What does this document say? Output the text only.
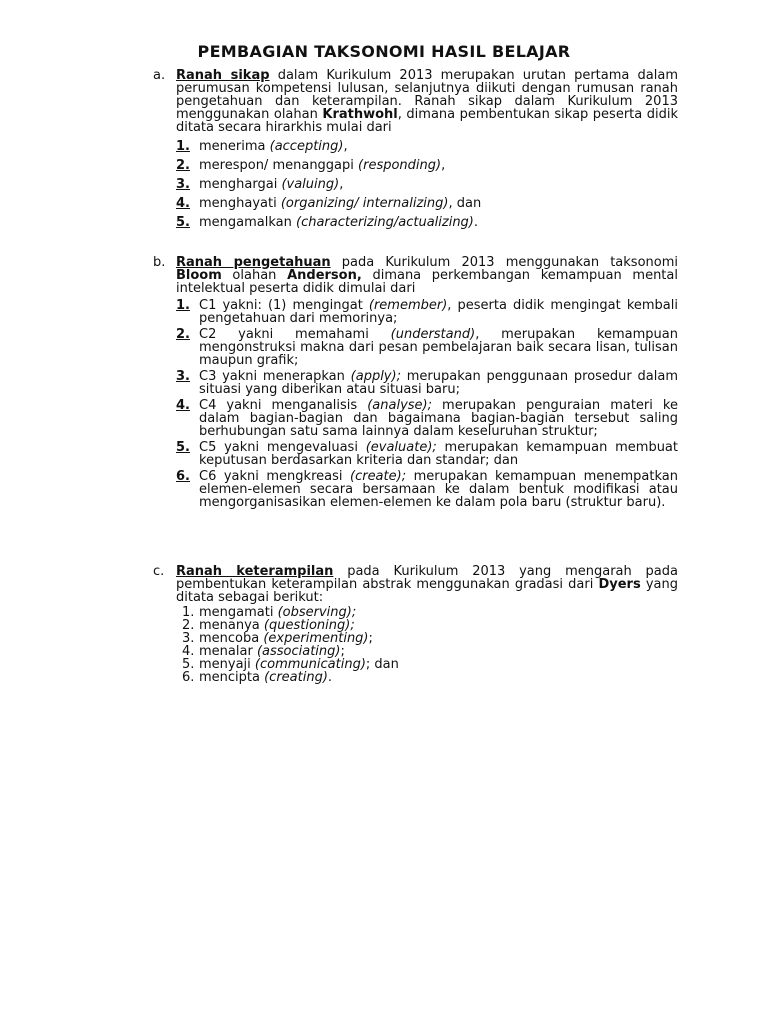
PEMBAGIAN TAKSONOMI HASIL BELAJAR
a. Ranah sikap dalam Kurikulum 2013 merupakan urutan pertama dalam perumusan kompetensi lulusan, selanjutnya diikuti dengan rumusan ranah pengetahuan dan keterampilan. Ranah sikap dalam Kurikulum 2013 menggunakan olahan Krathwohl, dimana pembentukan sikap peserta didik ditata secara hirarkhis mulai dari
1. menerima (accepting),
2. merespon/ menanggapi (responding),
3. menghargai (valuing),
4. menghayati (organizing/ internalizing), dan
5. mengamalkan (characterizing/actualizing).
b. Ranah pengetahuan pada Kurikulum 2013 menggunakan taksonomi Bloom olahan Anderson, dimana perkembangan kemampuan mental intelektual peserta didik dimulai dari
1. C1 yakni: (1) mengingat (remember), peserta didik mengingat kembali pengetahuan dari memorinya;
2. C2 yakni memahami (understand), merupakan kemampuan mengonstruksi makna dari pesan pembelajaran baik secara lisan, tulisan maupun grafik;
3. C3 yakni menerapkan (apply); merupakan penggunaan prosedur dalam situasi yang diberikan atau situasi baru;
4. C4 yakni menganalisis (analyse); merupakan penguraian materi ke dalam bagian-bagian dan bagaimana bagian-bagian tersebut saling berhubungan satu sama lainnya dalam keseluruhan struktur;
5. C5 yakni mengevaluasi (evaluate); merupakan kemampuan membuat keputusan berdasarkan kriteria dan standar; dan
6. C6 yakni mengkreasi (create); merupakan kemampuan menempatkan elemen-elemen secara bersamaan ke dalam bentuk modifikasi atau mengorganisasikan elemen-elemen ke dalam pola baru (struktur baru).
c. Ranah keterampilan pada Kurikulum 2013 yang mengarah pada pembentukan keterampilan abstrak menggunakan gradasi dari Dyers yang ditata sebagai berikut:
1. mengamati (observing);
2. menanya (questioning);
3. mencoba (experimenting);
4. menalar (associating);
5. menyaji (communicating); dan
6. mencipta (creating).
